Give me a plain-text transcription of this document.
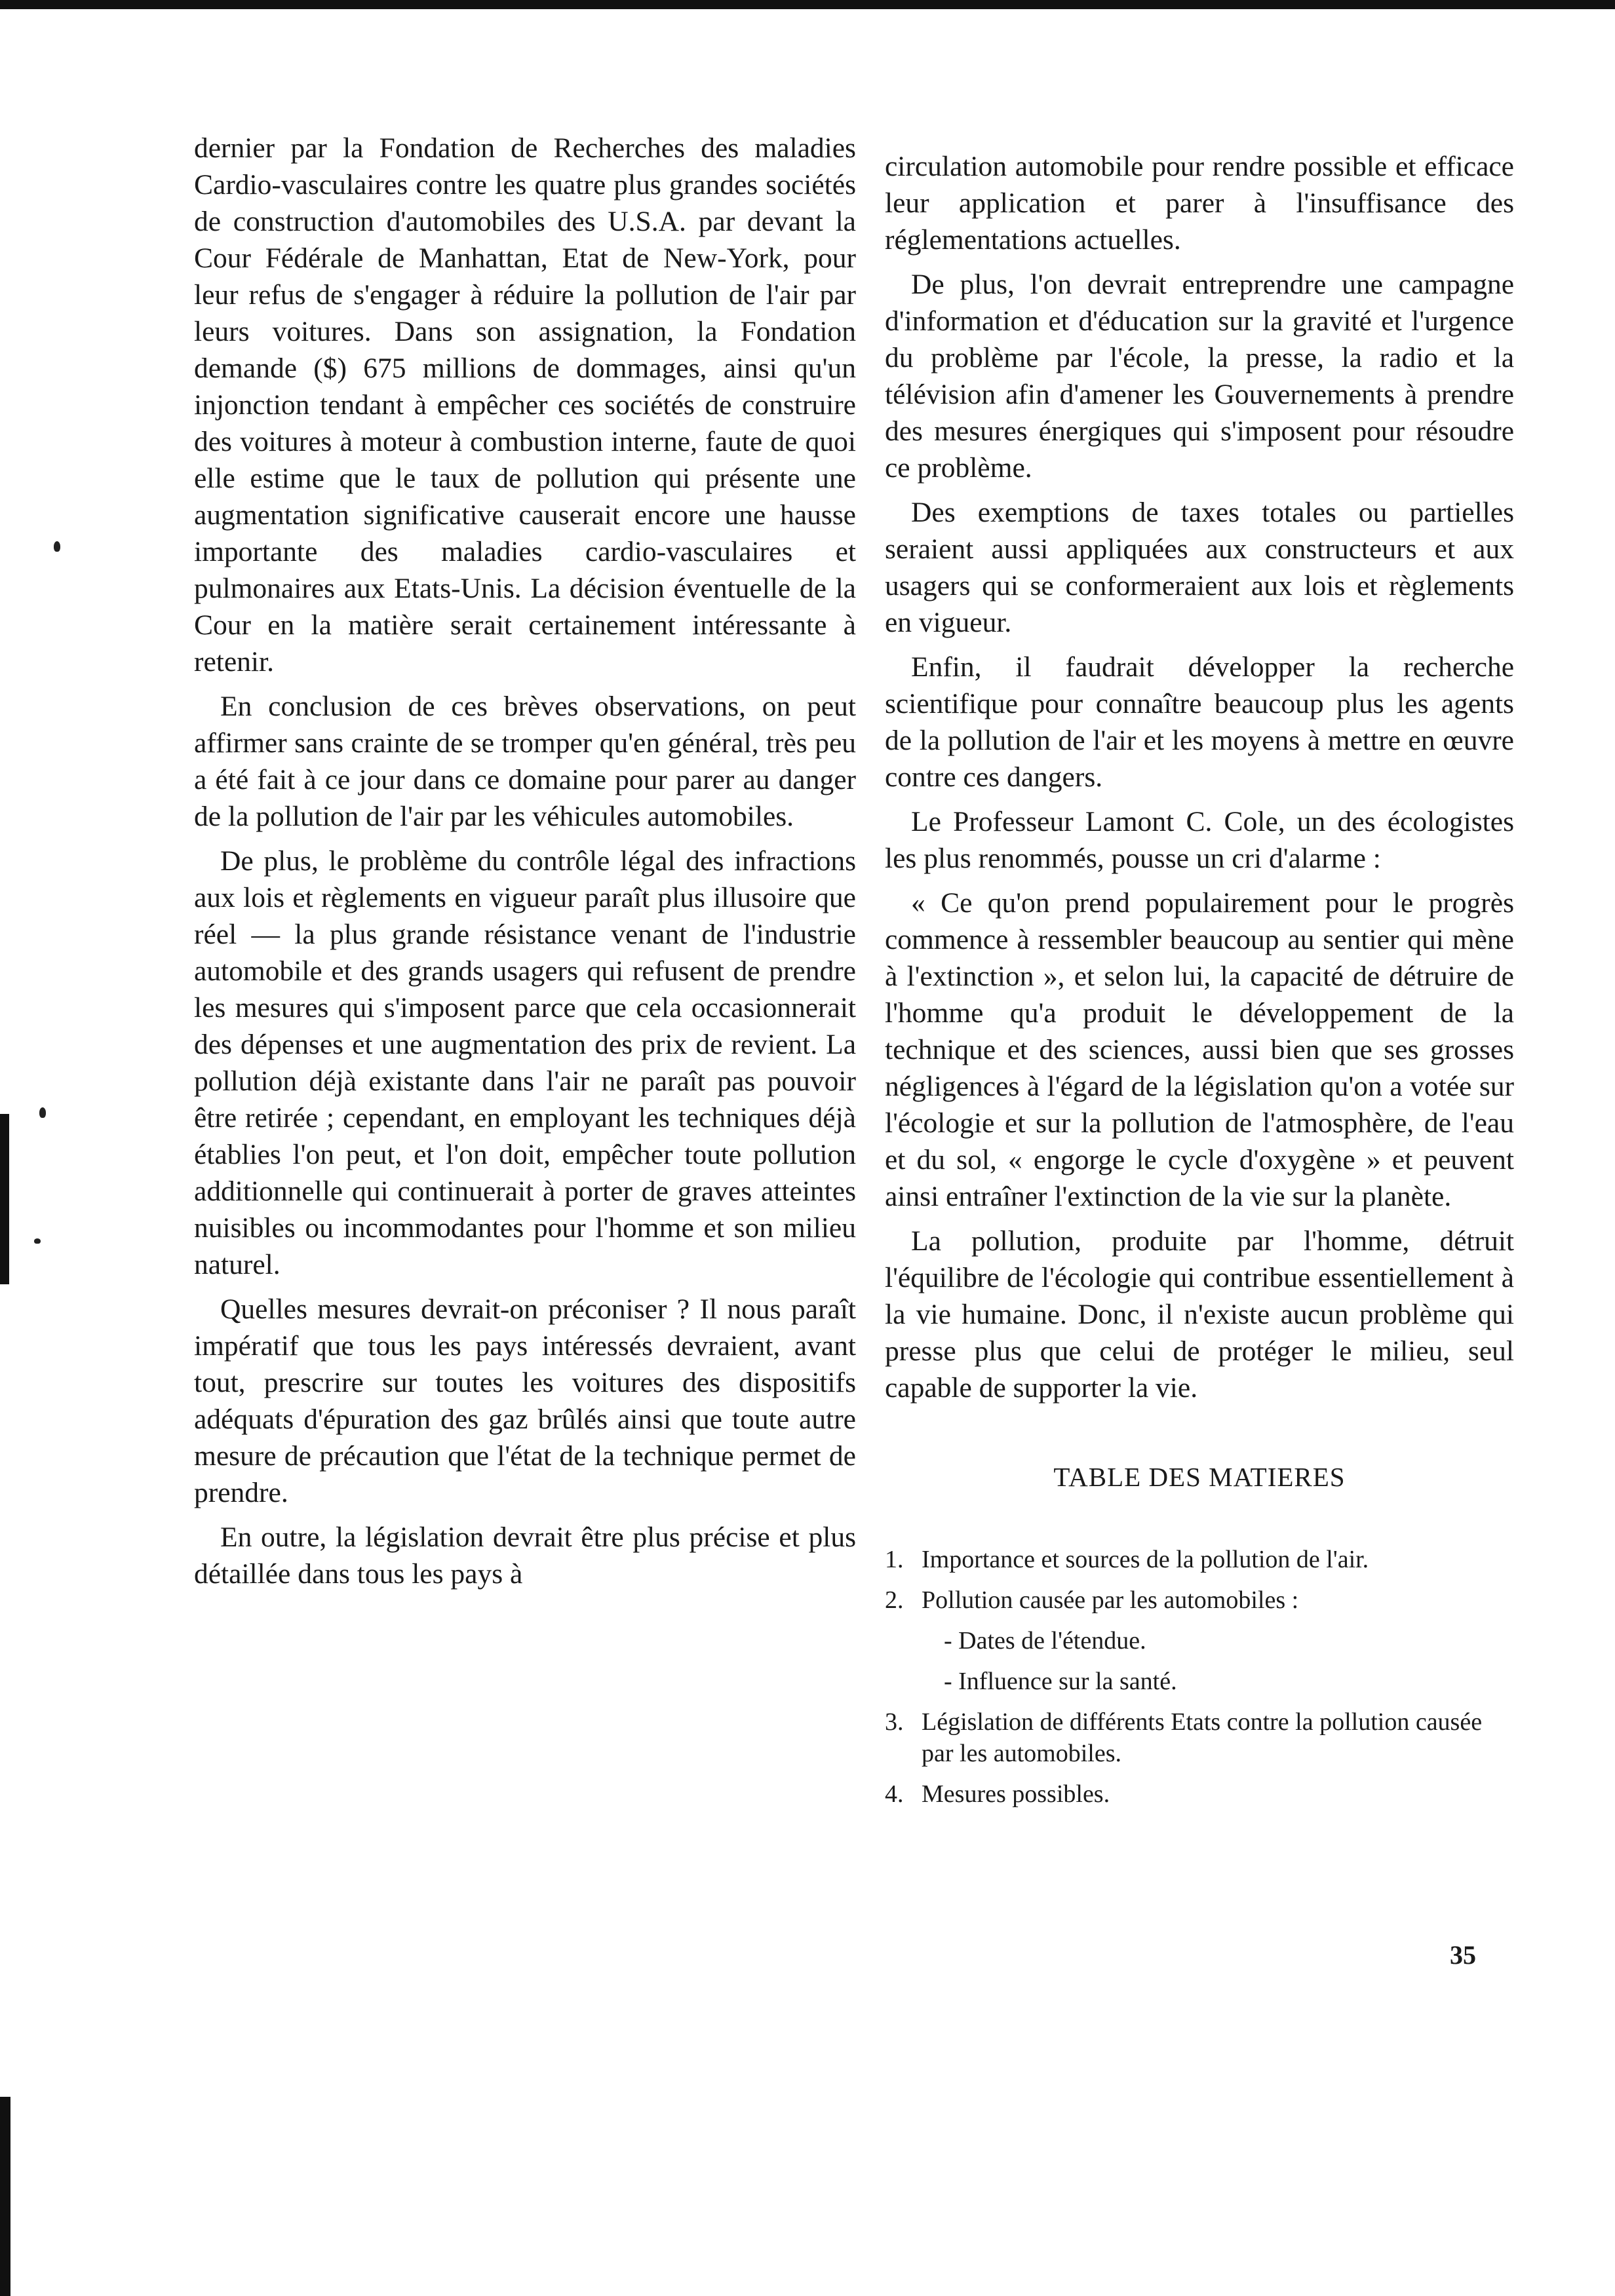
dernier par la Fondation de Recherches des maladies Cardio-vasculaires contre les quatre plus grandes sociétés de construction d'automobiles des U.S.A. par devant la Cour Fédérale de Manhattan, Etat de New-York, pour leur refus de s'engager à réduire la pollution de l'air par leurs voitures. Dans son assignation, la Fondation demande ($) 675 millions de dommages, ainsi qu'un injonction tendant à empêcher ces sociétés de construire des voitures à moteur à combustion interne, faute de quoi elle estime que le taux de pollution qui présente une augmentation significative causerait encore une hausse importante des maladies cardio-vasculaires et pulmonaires aux Etats-Unis. La décision éventuelle de la Cour en la matière serait certainement intéressante à retenir.

En conclusion de ces brèves observations, on peut affirmer sans crainte de se tromper qu'en général, très peu a été fait à ce jour dans ce domaine pour parer au danger de la pollution de l'air par les véhicules automobiles.

De plus, le problème du contrôle légal des infractions aux lois et règlements en vigueur paraît plus illusoire que réel — la plus grande résistance venant de l'industrie automobile et des grands usagers qui refusent de prendre les mesures qui s'imposent parce que cela occasionnerait des dépenses et une augmentation des prix de revient. La pollution déjà existante dans l'air ne paraît pas pouvoir être retirée ; cependant, en employant les techniques déjà établies l'on peut, et l'on doit, empêcher toute pollution additionnelle qui continuerait à porter de graves atteintes nuisibles ou incommodantes pour l'homme et son milieu naturel.

Quelles mesures devrait-on préconiser ? Il nous paraît impératif que tous les pays intéressés devraient, avant tout, prescrire sur toutes les voitures des dispositifs adéquats d'épuration des gaz brûlés ainsi que toute autre mesure de précaution que l'état de la technique permet de prendre.

En outre, la législation devrait être plus précise et plus détaillée dans tous les pays à

circulation automobile pour rendre possible et efficace leur application et parer à l'insuffisance des réglementations actuelles.

De plus, l'on devrait entreprendre une campagne d'information et d'éducation sur la gravité et l'urgence du problème par l'école, la presse, la radio et la télévision afin d'amener les Gouvernements à prendre des mesures énergiques qui s'imposent pour résoudre ce problème.

Des exemptions de taxes totales ou partielles seraient aussi appliquées aux constructeurs et aux usagers qui se conformeraient aux lois et règlements en vigueur.

Enfin, il faudrait développer la recherche scientifique pour connaître beaucoup plus les agents de la pollution de l'air et les moyens à mettre en œuvre contre ces dangers.

Le Professeur Lamont C. Cole, un des écologistes les plus renommés, pousse un cri d'alarme :

« Ce qu'on prend populairement pour le progrès commence à ressembler beaucoup au sentier qui mène à l'extinction », et selon lui, la capacité de détruire de l'homme qu'a produit le développement de la technique et des sciences, aussi bien que ses grosses négligences à l'égard de la législation qu'on a votée sur l'écologie et sur la pollution de l'atmosphère, de l'eau et du sol, « engorge le cycle d'oxygène » et peuvent ainsi entraîner l'extinction de la vie sur la planète.

La pollution, produite par l'homme, détruit l'équilibre de l'écologie qui contribue essentiellement à la vie humaine. Donc, il n'existe aucun problème qui presse plus que celui de protéger le milieu, seul capable de supporter la vie.

TABLE DES MATIERES
1. Importance et sources de la pollution de l'air.
2. Pollution causée par les automobiles :
- Dates de l'étendue.
- Influence sur la santé.
3. Législation de différents Etats contre la pollution causée par les automobiles.
4. Mesures possibles.
35
